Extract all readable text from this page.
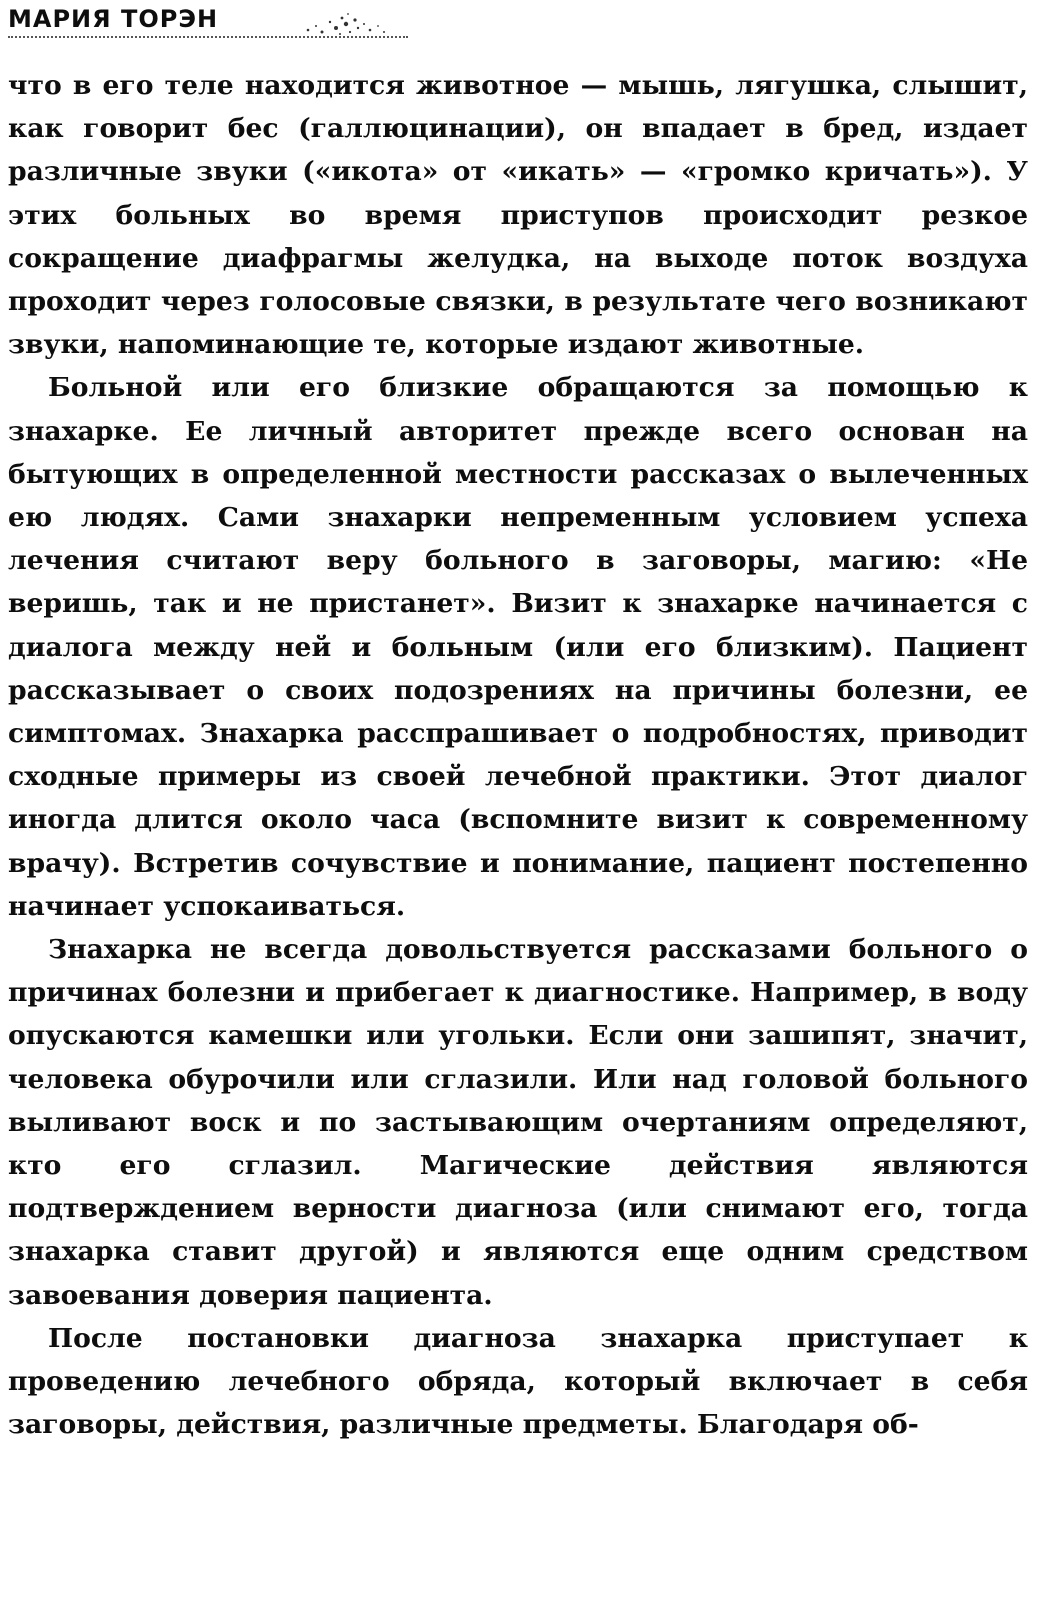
МАРИЯ ТОРЭН

что в его теле находится животное — мышь, лягушка, слышит, как говорит бес (галлюцинации), он впадает в бред, издает различные звуки («икота» от «икать» — «громко кричать»). У этих больных во время приступов происходит резкое сокращение диафрагмы желудка, на выходе поток воздуха проходит через голосовые связки, в результате чего возникают звуки, напоминающие те, которые издают животные.

Больной или его близкие обращаются за помощью к знахарке. Ее личный авторитет прежде всего основан на бытующих в определенной местности рассказах о вылеченных ею людях. Сами знахарки непременным условием успеха лечения считают веру больного в заговоры, магию: «Не веришь, так и не пристанет». Визит к знахарке начинается с диалога между ней и больным (или его близким). Пациент рассказывает о своих подозрениях на причины болезни, ее симптомах. Знахарка расспрашивает о подробностях, приводит сходные примеры из своей лечебной практики. Этот диалог иногда длится около часа (вспомните визит к современному врачу). Встретив сочувствие и понимание, пациент постепенно начинает успокаиваться.

Знахарка не всегда довольствуется рассказами больного о причинах болезни и прибегает к диагностике. Например, в воду опускаются камешки или угольки. Если они зашипят, значит, человека обурочили или сглазили. Или над головой больного выливают воск и по застывающим очертаниям определяют, кто его сглазил. Магические действия являются подтверждением верности диагноза (или снимают его, тогда знахарка ставит другой) и являются еще одним средством завоевания доверия пациента.

После постановки диагноза знахарка приступает к проведению лечебного обряда, который включает в себя заговоры, действия, различные предметы. Благодаря об-
